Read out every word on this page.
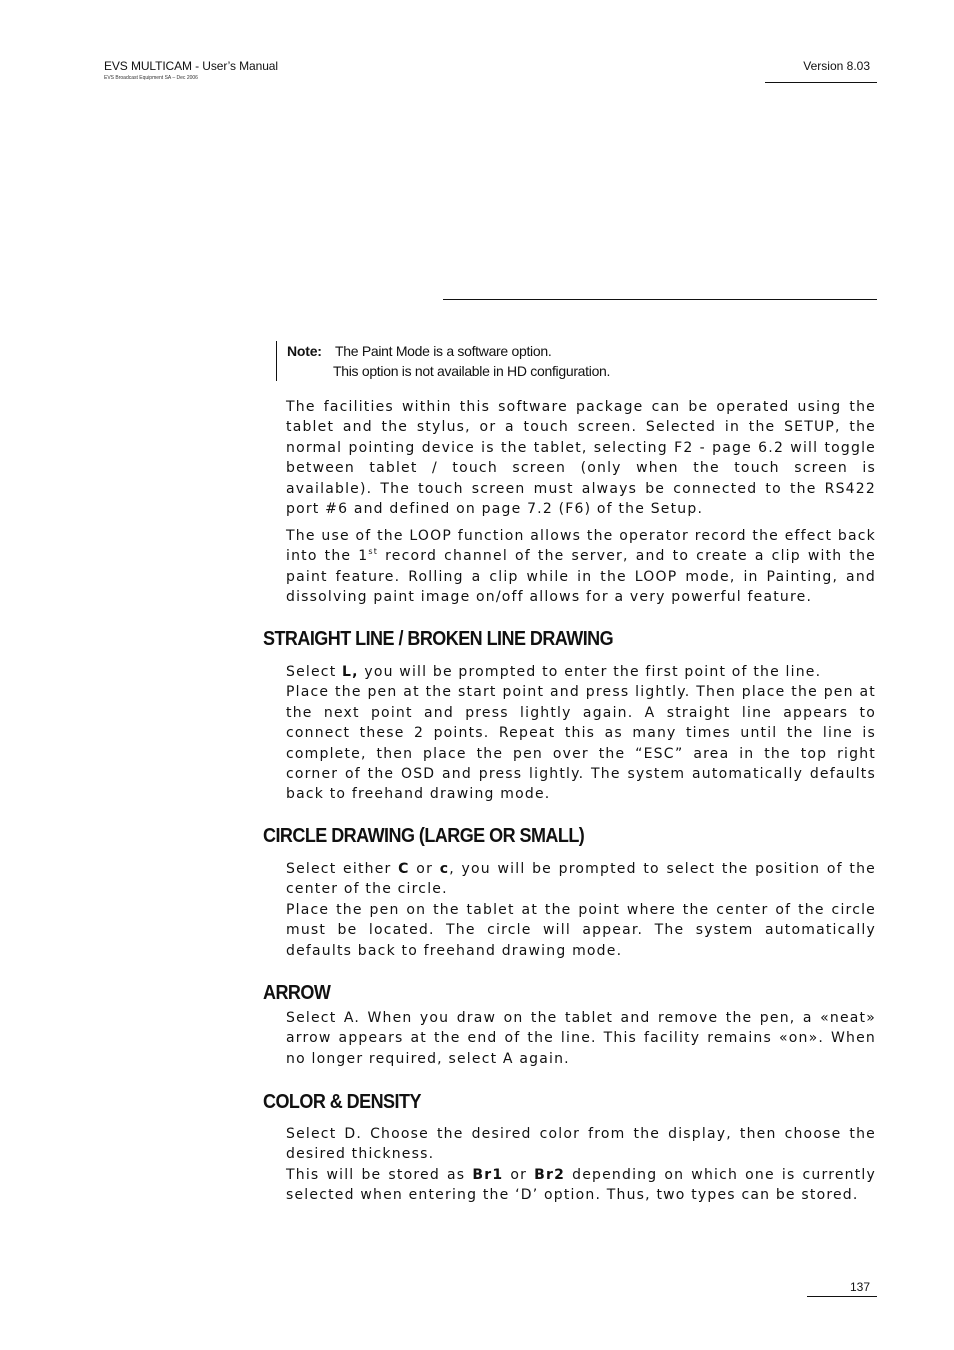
EVS MULTICAM - User’s Manual
EVS Broadcast Equipment SA – Dec 2006
Version 8.03
Note: The Paint Mode is a software option.
This option is not available in HD configuration.

The facilities within this software package can be operated using the tablet and the stylus, or a touch screen. Selected in the SETUP, the normal pointing device is the tablet, selecting F2 - page 6.2 will toggle between tablet / touch screen (only when the touch screen is available). The touch screen must always be connected to the RS422 port #6 and defined on page 7.2 (F6) of the Setup.

The use of the LOOP function allows the operator record the effect back into the 1st record channel of the server, and to create a clip with the paint feature. Rolling a clip while in the LOOP mode, in Painting, and dissolving paint image on/off allows for a very powerful feature.

STRAIGHT LINE / BROKEN LINE DRAWING

Select L, you will be prompted to enter the first point of the line.
Place the pen at the start point and press lightly. Then place the pen at the next point and press lightly again. A straight line appears to connect these 2 points. Repeat this as many times until the line is complete, then place the pen over the “ESC” area in the top right corner of the OSD and press lightly. The system automatically defaults back to freehand drawing mode.

CIRCLE DRAWING (LARGE OR SMALL)

Select either C or c, you will be prompted to select the position of the center of the circle.
Place the pen on the tablet at the point where the center of the circle must be located. The circle will appear. The system automatically defaults back to freehand drawing mode.

ARROW

Select A. When you draw on the tablet and remove the pen, a «neat» arrow appears at the end of the line. This facility remains «on». When no longer required, select A again.

COLOR & DENSITY

Select D. Choose the desired color from the display, then choose the desired thickness.
This will be stored as Br1 or Br2 depending on which one is currently selected when entering the ‘D’ option. Thus, two types can be stored.

137
